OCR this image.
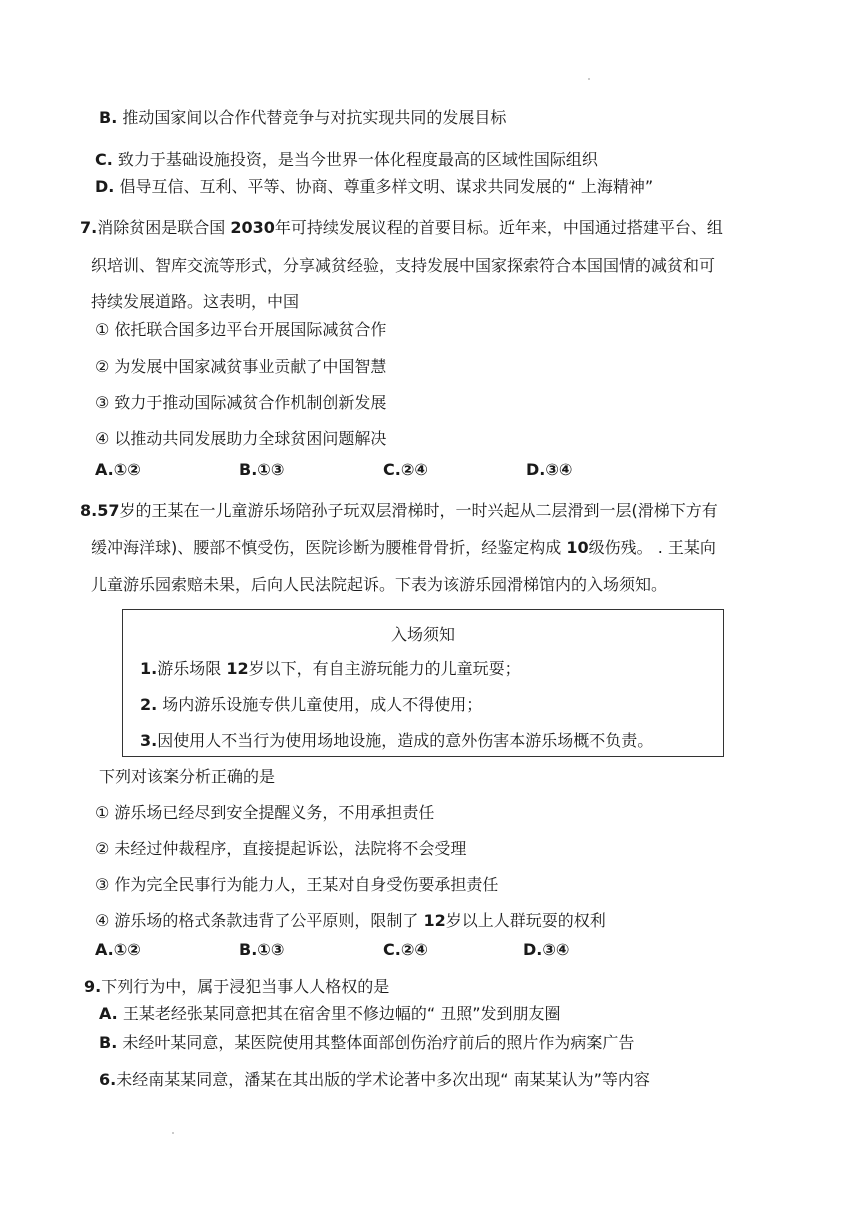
B. 推动国家间以合作代替竞争与对抗实现共同的发展目标
C. 致力于基础设施投资，是当今世界一体化程度最高的区域性国际组织
D. 倡导互信、互利、平等、协商、尊重多样文明、谋求共同发展的“ 上海精神”
7.消除贫困是联合国 2030年可持续发展议程的首要目标。近年来，中国通过搭建平台、组
织培训、智库交流等形式，分享减贫经验，支持发展中国家探索符合本国国情的减贫和可
持续发展道路。这表明，中国
① 依托联合国多边平台开展国际减贫合作
② 为发展中国家减贫事业贡献了中国智慧
③ 致力于推动国际减贫合作机制创新发展
④ 以推动共同发展助力全球贫困问题解决
A.①②	B.①③	C.②④	D.③④
8.57岁的王某在一儿童游乐场陪孙子玩双层滑梯时，一时兴起从二层滑到一层(滑梯下方有
缓冲海洋球)、腰部不慎受伤，医院诊断为腰椎骨骨折，经鉴定构成 10级伤残。 . 王某向
儿童游乐园索赔未果，后向人民法院起诉。下表为该游乐园滑梯馆内的入场须知。
入场须知
1.游乐场限 12岁以下，有自主游玩能力的儿童玩耍；
2. 场内游乐设施专供儿童使用，成人不得使用；
3.因使用人不当行为使用场地设施，造成的意外伤害本游乐场概不负责。
下列对该案分析正确的是
① 游乐场已经尽到安全提醒义务，不用承担责任
② 未经过仲裁程序，直接提起诉讼，法院将不会受理
③ 作为完全民事行为能力人，王某对自身受伤要承担责任
④ 游乐场的格式条款违背了公平原则，限制了 12岁以上人群玩耍的权利
A.①②	B.①③	C.②④	D.③④
9.下列行为中，属于浸犯当事人人格权的是
A. 王某老经张某同意把其在宿舍里不修边幅的“ 丑照”发到朋友圈
B. 未经叶某同意，某医院使用其整体面部创伤治疗前后的照片作为病案广告
6.未经南某某同意，潘某在其出版的学术论著中多次出现“ 南某某认为”等内容
